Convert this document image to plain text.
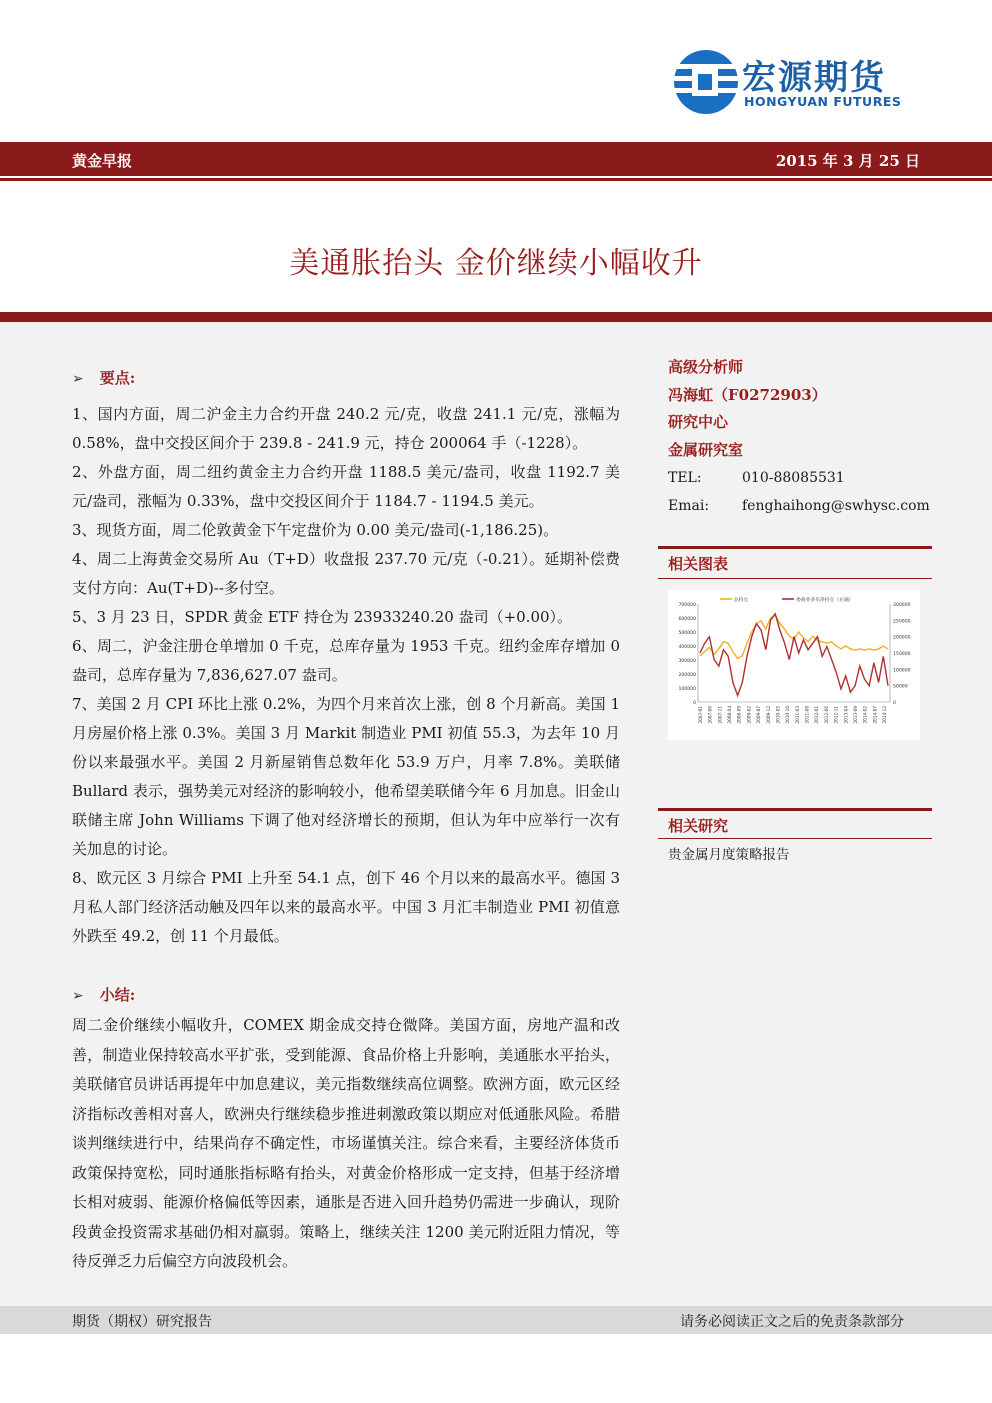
宏源期货
HONGYUAN FUTURES
黄金早报	2015 年 3 月 25 日
美通胀抬头 金价继续小幅收升
➢ 要点:

1、国内方面，周二沪金主力合约开盘 240.2 元/克，收盘 241.1 元/克，涨幅为 0.58%，盘中交投区间介于 239.8 - 241.9 元，持仓 200064 手（-1228）。

2、外盘方面，周二纽约黄金主力合约开盘 1188.5 美元/盎司，收盘 1192.7 美元/盎司，涨幅为 0.33%，盘中交投区间介于 1184.7 - 1194.5 美元。

3、现货方面，周二伦敦黄金下午定盘价为 0.00 美元/盎司(-1,186.25)。

4、周二上海黄金交易所 Au（T+D）收盘报 237.70 元/克（-0.21）。延期补偿费支付方向：Au(T+D)--多付空。

5、3 月 23 日，SPDR 黄金 ETF 持仓为 23933240.20 盎司（+0.00）。

6、周二，沪金注册仓单增加 0 千克，总库存量为 1953 千克。纽约金库存增加 0 盎司，总库存量为 7,836,627.07 盎司。

7、美国 2 月 CPI 环比上涨 0.2%，为四个月来首次上涨，创 8 个月新高。美国 1 月房屋价格上涨 0.3%。美国 3 月 Markit 制造业 PMI 初值 55.3，为去年 10 月份以来最强水平。美国 2 月新屋销售总数年化 53.9 万户，月率 7.8%。美联储 Bullard 表示，强势美元对经济的影响较小，他希望美联储今年 6 月加息。旧金山联储主席 John Williams 下调了他对经济增长的预期，但认为年中应举行一次有关加息的讨论。

8、欧元区 3 月综合 PMI 上升至 54.1 点，创下 46 个月以来的最高水平。德国 3 月私人部门经济活动触及四年以来的最高水平。中国 3 月汇丰制造业 PMI 初值意外跌至 49.2，创 11 个月最低。

➢ 小结:

周二金价继续小幅收升，COMEX 期金成交持仓微降。美国方面，房地产温和改善，制造业保持较高水平扩张，受到能源、食品价格上升影响，美通胀水平抬头，美联储官员讲话再提年中加息建议，美元指数继续高位调整。欧洲方面，欧元区经济指标改善相对喜人，欧洲央行继续稳步推进刺激政策以期应对低通胀风险。希腊谈判继续进行中，结果尚存不确定性，市场谨慎关注。综合来看，主要经济体货币政策保持宽松，同时通胀指标略有抬头，对黄金价格形成一定支持，但基于经济增长相对疲弱、能源价格偏低等因素，通胀是否进入回升趋势仍需进一步确认，现阶段黄金投资需求基础仍相对羸弱。策略上，继续关注 1200 美元附近阻力情况，等待反弹乏力后偏空方向波段机会。

高级分析师
冯海虹（F0272903）
研究中心
金属研究室
TEL:	010-88085531
Emai: fenghaihong@swhysc.com
相关图表
0
100000
200000
300000
400000
500000
600000
700000
0
50000
100000
150000
200000
250000
300000
2007-01 2007-06 2007-11 2008-04 2008-09 2009-02 2009-07 2009-12 2010-05 2010-10 2011-03 2011-08 2012-01 2012-06 2012-11 2013-04 2013-09 2014-02 2014-07 2014-12
总持仓	委商业多头净持仓（右轴）
相关研究
贵金属月度策略报告
期货（期权）研究报告	请务必阅读正文之后的免责条款部分
